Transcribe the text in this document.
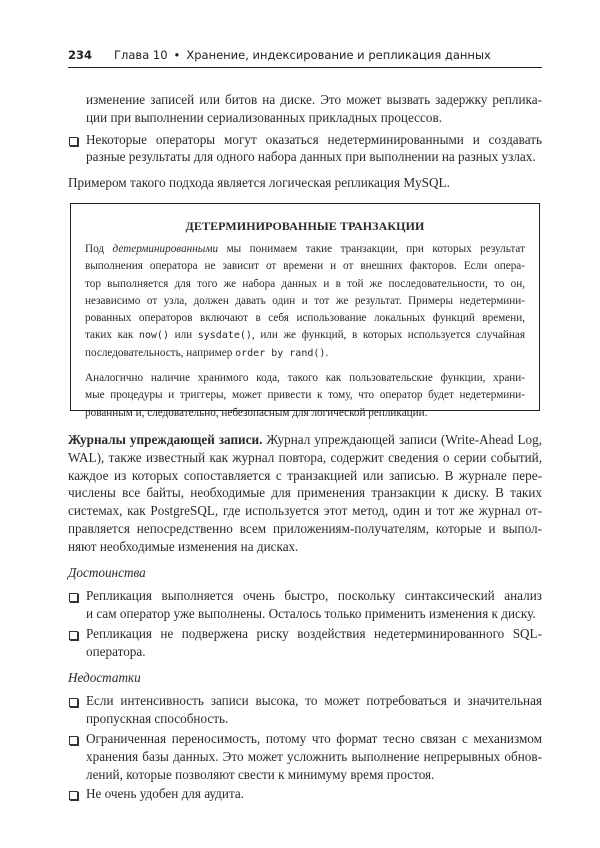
234 Глава 10 • Хранение, индексирование и репликация данных
изменение записей или битов на диске. Это может вызвать задержку реплика-
ции при выполнении сериализованных прикладных процессов.
Некоторые операторы могут оказаться недетерминированными и создавать
разные результаты для одного набора данных при выполнении на разных узлах.
Примером такого подхода является логическая репликация MySQL.
ДЕТЕРМИНИРОВАННЫЕ ТРАНЗАКЦИИ
Под детерминированными мы понимаем такие транзакции, при которых результат
выполнения оператора не зависит от времени и от внешних факторов. Если опера-
тор выполняется для того же набора данных и в той же последовательности, то он,
независимо от узла, должен давать один и тот же результат. Примеры недетермини-
рованных операторов включают в себя использование локальных функций времени,
таких как now() или sysdate(), или же функций, в которых используется случайная
последовательность, например order by rand().
Аналогично наличие хранимого кода, такого как пользовательские функции, храни-
мые процедуры и триггеры, может привести к тому, что оператор будет недетермини-
рованным и, следовательно, небезопасным для логической репликации.
Журналы упреждающей записи. Журнал упреждающей записи (Write-Ahead Log,
WAL), также известный как журнал повтора, содержит сведения о серии событий,
каждое из которых сопоставляется с транзакцией или записью. В журнале пере-
числены все байты, необходимые для применения транзакции к диску. В таких
системах, как PostgreSQL, где используется этот метод, один и тот же журнал от-
правляется непосредственно всем приложениям-получателям, которые и выпол-
няют необходимые изменения на дисках.
Достоинства
Репликация выполняется очень быстро, поскольку синтаксический анализ
и сам оператор уже выполнены. Осталось только применить изменения к диску.
Репликация не подвержена риску воздействия недетерминированного SQL-
оператора.
Недостатки
Если интенсивность записи высока, то может потребоваться и значительная
пропускная способность.
Ограниченная переносимость, потому что формат тесно связан с механизмом
хранения базы данных. Это может усложнить выполнение непрерывных обнов-
лений, которые позволяют свести к минимуму время простоя.
Не очень удобен для аудита.
